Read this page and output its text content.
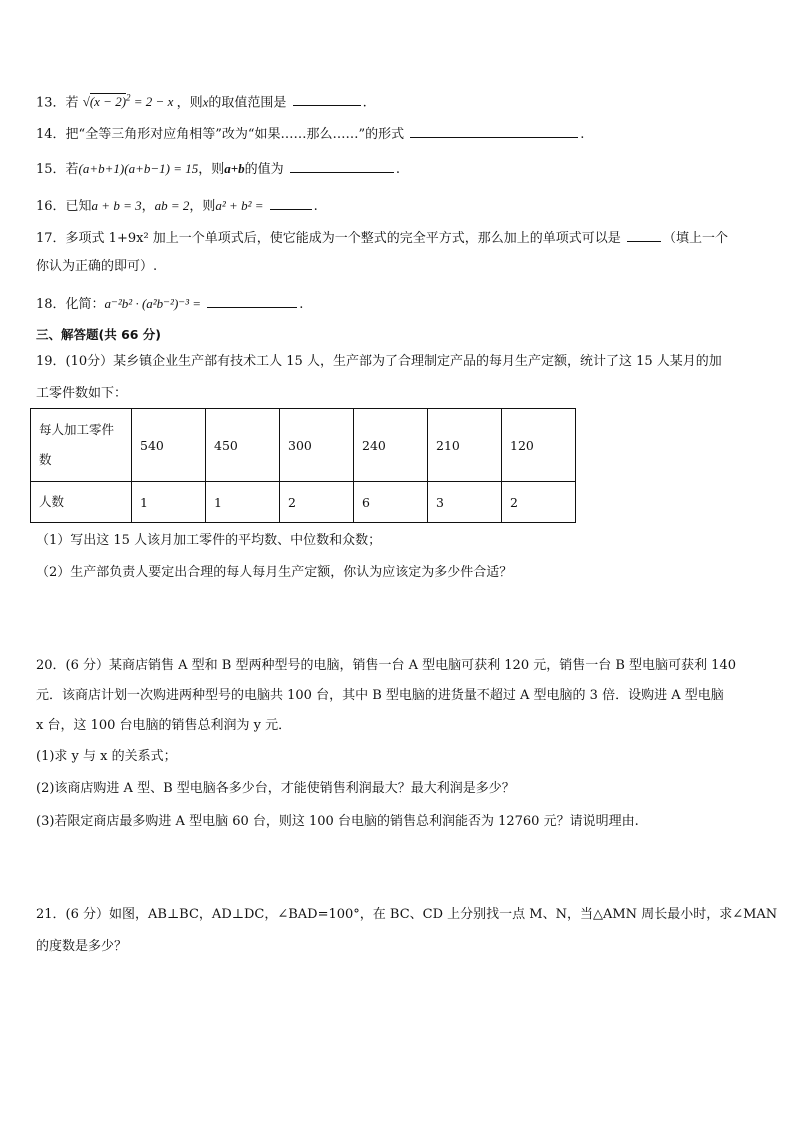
13．若 $√(x - 2)^2 = 2 - x$ ，则x的取值范围是	.
14．把“全等三角形对应角相等”改为“如果……那么……”的形式	.
15．若(a+b+1)(a+b−1) = 15，则a+b的值为	.
16．已知a + b = 3，ab = 2，则a² + b² =	.
17．多项式 1+9x² 加上一个单项式后，使它能成为一个整式的完全平方式，那么加上的单项式可以是	（填上一个
你认为正确的即可）.
18．化简：a⁻²b² · (a²b⁻²)⁻³ =	.
三、解答题(共 66 分)
19．(10分）某乡镇企业生产部有技术工人 15 人，生产部为了合理制定产品的每月生产定额，统计了这 15 人某月的加
工零件数如下：
每人加工零件数	540	450	300	240	210	120
人数	1	1	2	6	3	2
（1）写出这 15 人该月加工零件的平均数、中位数和众数；
（2）生产部负责人要定出合理的每人每月生产定额，你认为应该定为多少件合适？
20．(6 分）某商店销售 A 型和 B 型两种型号的电脑，销售一台 A 型电脑可获利 120 元，销售一台 B 型电脑可获利 140
元．该商店计划一次购进两种型号的电脑共 100 台，其中 B 型电脑的进货量不超过 A 型电脑的 3 倍．设购进 A 型电脑
x 台，这 100 台电脑的销售总利润为 y 元．
(1)求 y 与 x 的关系式；
(2)该商店购进 A 型、B 型电脑各多少台，才能使销售利润最大？最大利润是多少？
(3)若限定商店最多购进 A 型电脑 60 台，则这 100 台电脑的销售总利润能否为 12760 元？请说明理由.
21．(6 分）如图，AB⊥BC，AD⊥DC，∠BAD=100°，在 BC、CD 上分别找一点 M、N，当△AMN 周长最小时，求∠MAN
的度数是多少？
